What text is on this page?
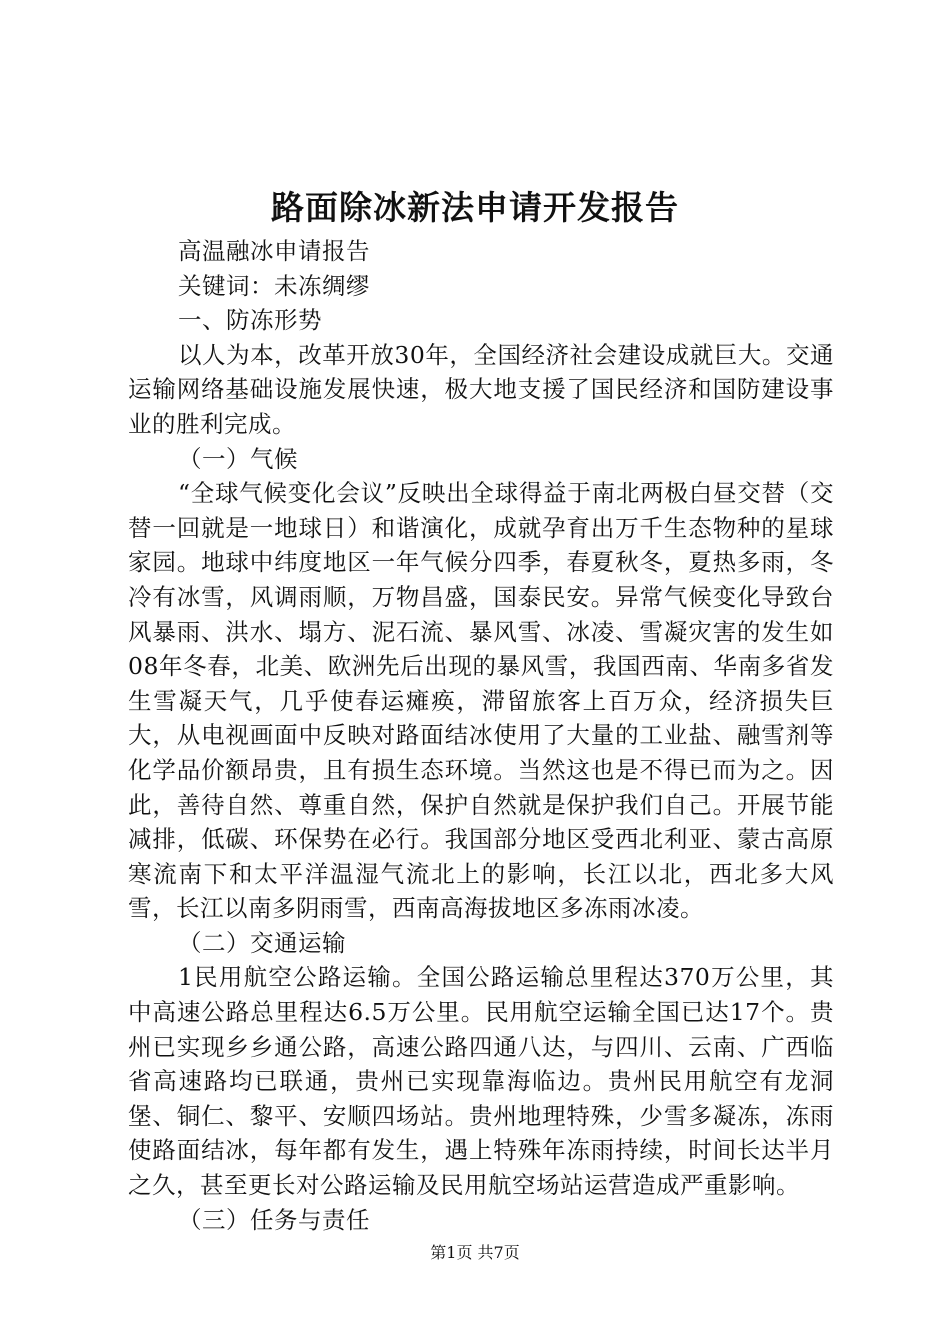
路面除冰新法申请开发报告

高温融冰申请报告

关键词：未冻绸缪

一、防冻形势

以人为本，改革开放30年，全国经济社会建设成就巨大。交通运输网络基础设施发展快速，极大地支援了国民经济和国防建设事业的胜利完成。

（一）气候

“全球气候变化会议”反映出全球得益于南北两极白昼交替（交替一回就是一地球日）和谐演化，成就孕育出万千生态物种的星球家园。地球中纬度地区一年气候分四季，春夏秋冬，夏热多雨，冬冷有冰雪，风调雨顺，万物昌盛，国泰民安。异常气候变化导致台风暴雨、洪水、塌方、泥石流、暴风雪、冰凌、雪凝灾害的发生如08年冬春，北美、欧洲先后出现的暴风雪，我国西南、华南多省发生雪凝天气，几乎使春运瘫痪，滞留旅客上百万众，经济损失巨大，从电视画面中反映对路面结冰使用了大量的工业盐、融雪剂等化学品价额昂贵，且有损生态环境。当然这也是不得已而为之。因此，善待自然、尊重自然，保护自然就是保护我们自己。开展节能减排，低碳、环保势在必行。我国部分地区受西北利亚、蒙古高原寒流南下和太平洋温湿气流北上的影响，长江以北，西北多大风雪，长江以南多阴雨雪，西南高海拔地区多冻雨冰凌。

（二）交通运输

1民用航空公路运输。全国公路运输总里程达370万公里，其中高速公路总里程达6.5万公里。民用航空运输全国已达17个。贵州已实现乡乡通公路，高速公路四通八达，与四川、云南、广西临省高速路均已联通，贵州已实现靠海临边。贵州民用航空有龙洞堡、铜仁、黎平、安顺四场站。贵州地理特殊，少雪多凝冻，冻雨使路面结冰，每年都有发生，遇上特殊年冻雨持续，时间长达半月之久，甚至更长对公路运输及民用航空场站运营造成严重影响。

（三）任务与责任

第1页 共7页
